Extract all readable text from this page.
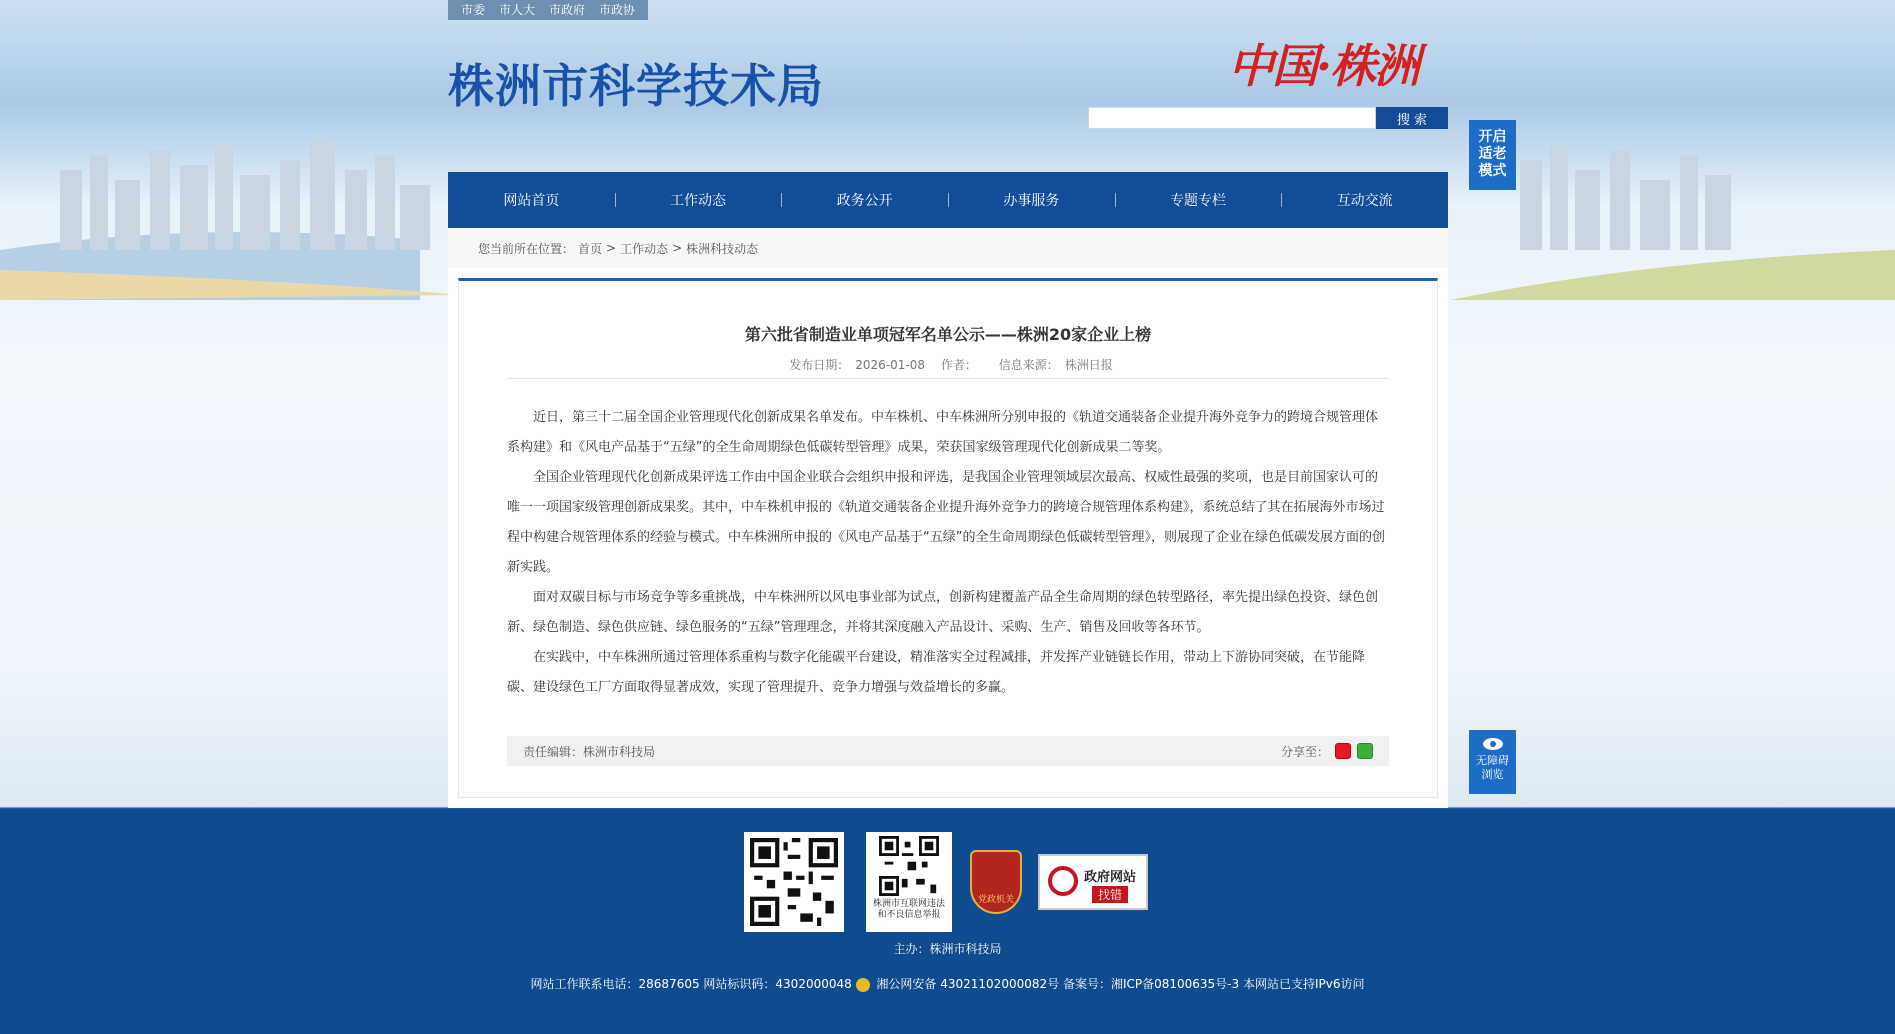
市委 市人大 市政府 市政协
株洲市科学技术局	中国·株洲
搜 索
开启适老模式
网站首页	工作动态	政务公开	办事服务	专题专栏	互动交流
您当前所在位置： 首页 > 工作动态 > 株洲科技动态
第六批省制造业单项冠军名单公示——株洲20家企业上榜
发布日期： 2026-01-08 作者： 信息来源： 株洲日报

近日，第三十二届全国企业管理现代化创新成果名单发布。中车株机、中车株洲所分别申报的《轨道交通装备企业提升海外竞争力的跨境合规管理体系构建》和《风电产品基于“五绿”的全生命周期绿色低碳转型管理》成果，荣获国家级管理现代化创新成果二等奖。

全国企业管理现代化创新成果评选工作由中国企业联合会组织申报和评选，是我国企业管理领域层次最高、权威性最强的奖项，也是目前国家认可的唯一一项国家级管理创新成果奖。其中，中车株机申报的《轨道交通装备企业提升海外竞争力的跨境合规管理体系构建》，系统总结了其在拓展海外市场过程中构建合规管理体系的经验与模式。中车株洲所申报的《风电产品基于“五绿”的全生命周期绿色低碳转型管理》，则展现了企业在绿色低碳发展方面的创新实践。

面对双碳目标与市场竞争等多重挑战，中车株洲所以风电事业部为试点，创新构建覆盖产品全生命周期的绿色转型路径，率先提出绿色投资、绿色创新、绿色制造、绿色供应链、绿色服务的“五绿”管理理念，并将其深度融入产品设计、采购、生产、销售及回收等各环节。

在实践中，中车株洲所通过管理体系重构与数字化能碳平台建设，精准落实全过程减排，并发挥产业链链长作用，带动上下游协同突破，在节能降碳、建设绿色工厂方面取得显著成效，实现了管理提升、竞争力增强与效益增长的多赢。

责任编辑：株洲市科技局	分享至：
无障碍浏览
株洲市互联网违法和不良信息举报
党政机关
政府网站
找错
主办：株洲市科技局
网站工作联系电话：28687605 网站标识码：4302000048 湘公网安备 43021102000082号 备案号：湘ICP备08100635号-3 本网站已支持IPv6访问
